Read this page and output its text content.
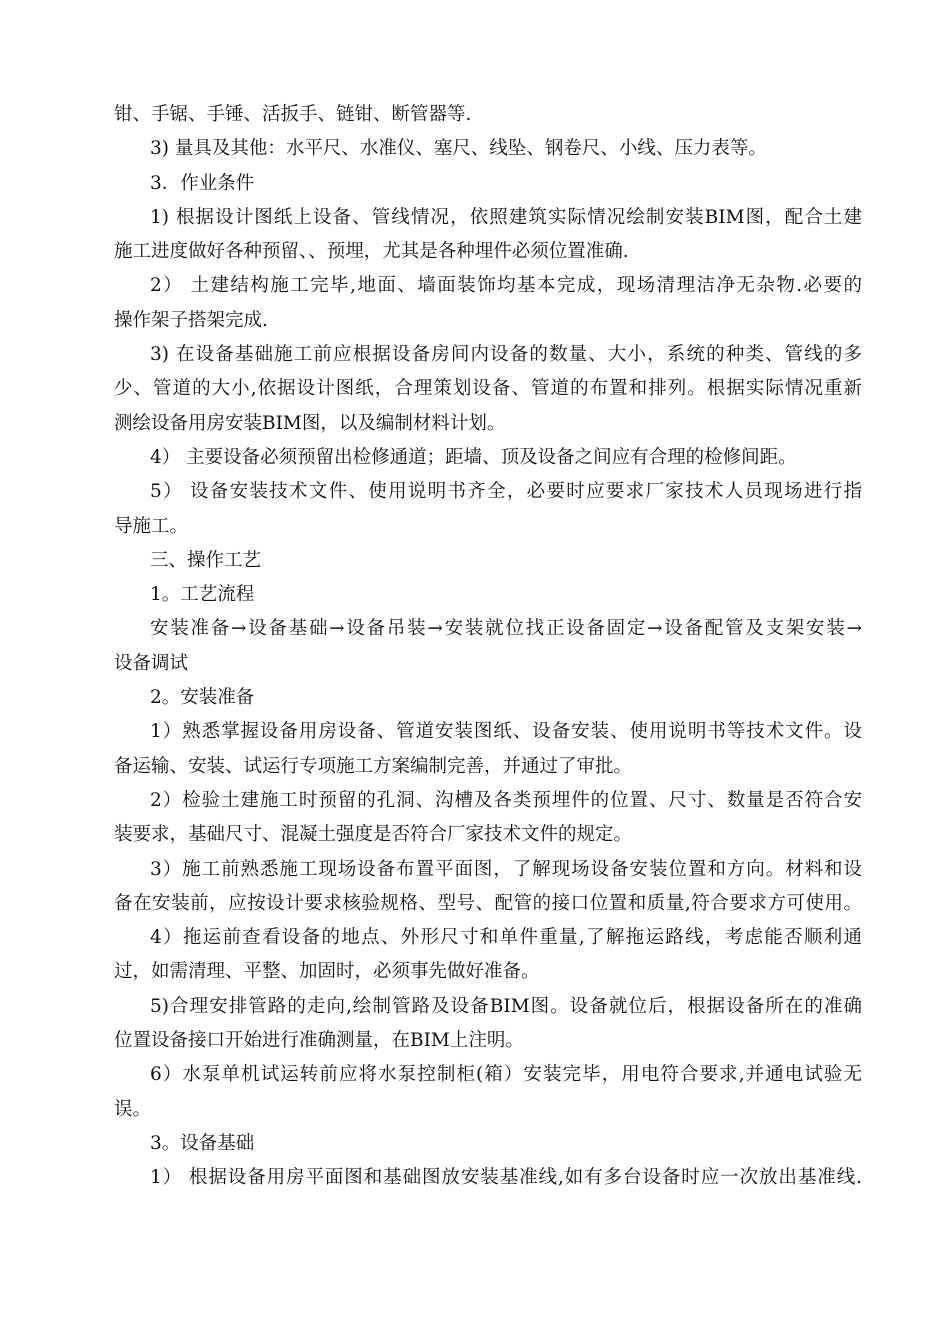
钳、手锯、手锤、活扳手、链钳、断管器等.
3) 量具及其他：水平尺、水准仪、塞尺、线坠、钢卷尺、小线、压力表等。
3．作业条件
1) 根据设计图纸上设备、管线情况，依照建筑实际情况绘制安装BIM图，配合土建
施工进度做好各种预留、、预埋，尤其是各种埋件必须位置准确.
2） 土建结构施工完毕,地面、墙面装饰均基本完成，现场清理洁净无杂物.必要的
操作架子搭架完成.
3) 在设备基础施工前应根据设备房间内设备的数量、大小，系统的种类、管线的多
少、管道的大小,依据设计图纸，合理策划设备、管道的布置和排列。根据实际情况重新
测绘设备用房安装BIM图，以及编制材料计划。
4） 主要设备必须预留出检修通道；距墙、顶及设备之间应有合理的检修间距。
5） 设备安装技术文件、使用说明书齐全，必要时应要求厂家技术人员现场进行指
导施工。
三、操作工艺
1。工艺流程
安装准备→设备基础→设备吊装→安装就位找正设备固定→设备配管及支架安装→
设备调试
2。安装准备
1）熟悉掌握设备用房设备、管道安装图纸、设备安装、使用说明书等技术文件。设
备运输、安装、试运行专项施工方案编制完善，并通过了审批。
2）检验土建施工时预留的孔洞、沟槽及各类预埋件的位置、尺寸、数量是否符合安
装要求，基础尺寸、混凝土强度是否符合厂家技术文件的规定。
3）施工前熟悉施工现场设备布置平面图，了解现场设备安装位置和方向。材料和设
备在安装前，应按设计要求核验规格、型号、配管的接口位置和质量,符合要求方可使用。
4）拖运前查看设备的地点、外形尺寸和单件重量,了解拖运路线，考虑能否顺利通
过，如需清理、平整、加固时，必须事先做好准备。
5)合理安排管路的走向,绘制管路及设备BIM图。设备就位后，根据设备所在的准确
位置设备接口开始进行准确测量，在BIM上注明。
6）水泵单机试运转前应将水泵控制柜(箱）安装完毕，用电符合要求,并通电试验无
误。
3。设备基础
1） 根据设备用房平面图和基础图放安装基准线,如有多台设备时应一次放出基准线.
